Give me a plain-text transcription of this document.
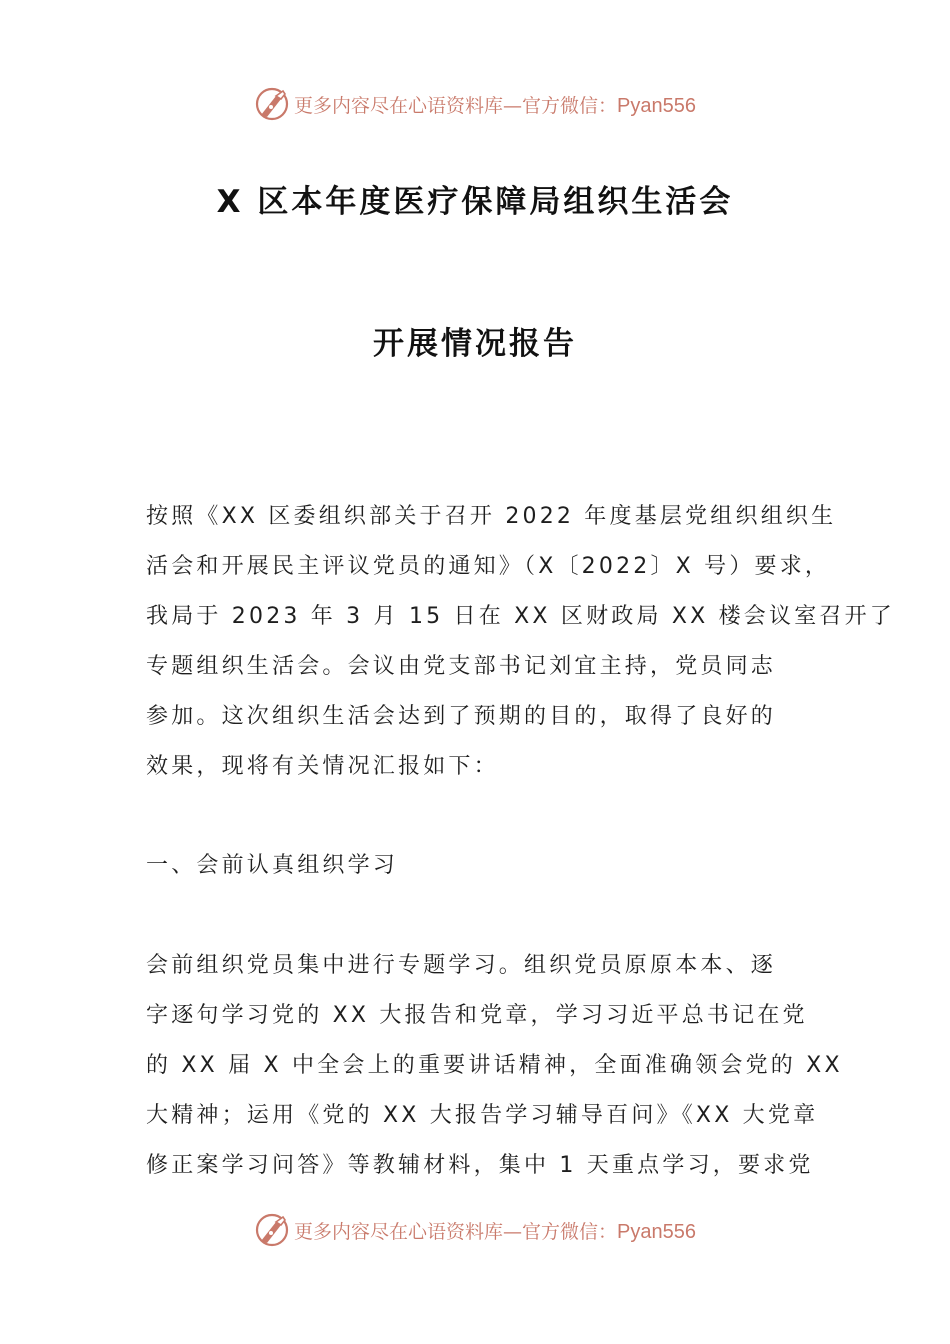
更多内容尽在心语资料库—官方微信：Pyan556
X 区本年度医疗保障局组织生活会
开展情况报告
按照《XX 区委组织部关于召开 2022 年度基层党组织组织生
活会和开展民主评议党员的通知》（X〔2022〕X 号）要求，
我局于 2023 年 3 月 15 日在 XX 区财政局 XX 楼会议室召开了
专题组织生活会。会议由党支部书记刘宜主持，党员同志
参加。这次组织生活会达到了预期的目的，取得了良好的
效果，现将有关情况汇报如下：
一、会前认真组织学习
会前组织党员集中进行专题学习。组织党员原原本本、逐
字逐句学习党的 XX 大报告和党章，学习习近平总书记在党
的 XX 届 X 中全会上的重要讲话精神，全面准确领会党的 XX
大精神；运用《党的 XX 大报告学习辅导百问》《XX 大党章
修正案学习问答》等教辅材料，集中 1 天重点学习，要求党
更多内容尽在心语资料库—官方微信：Pyan556
